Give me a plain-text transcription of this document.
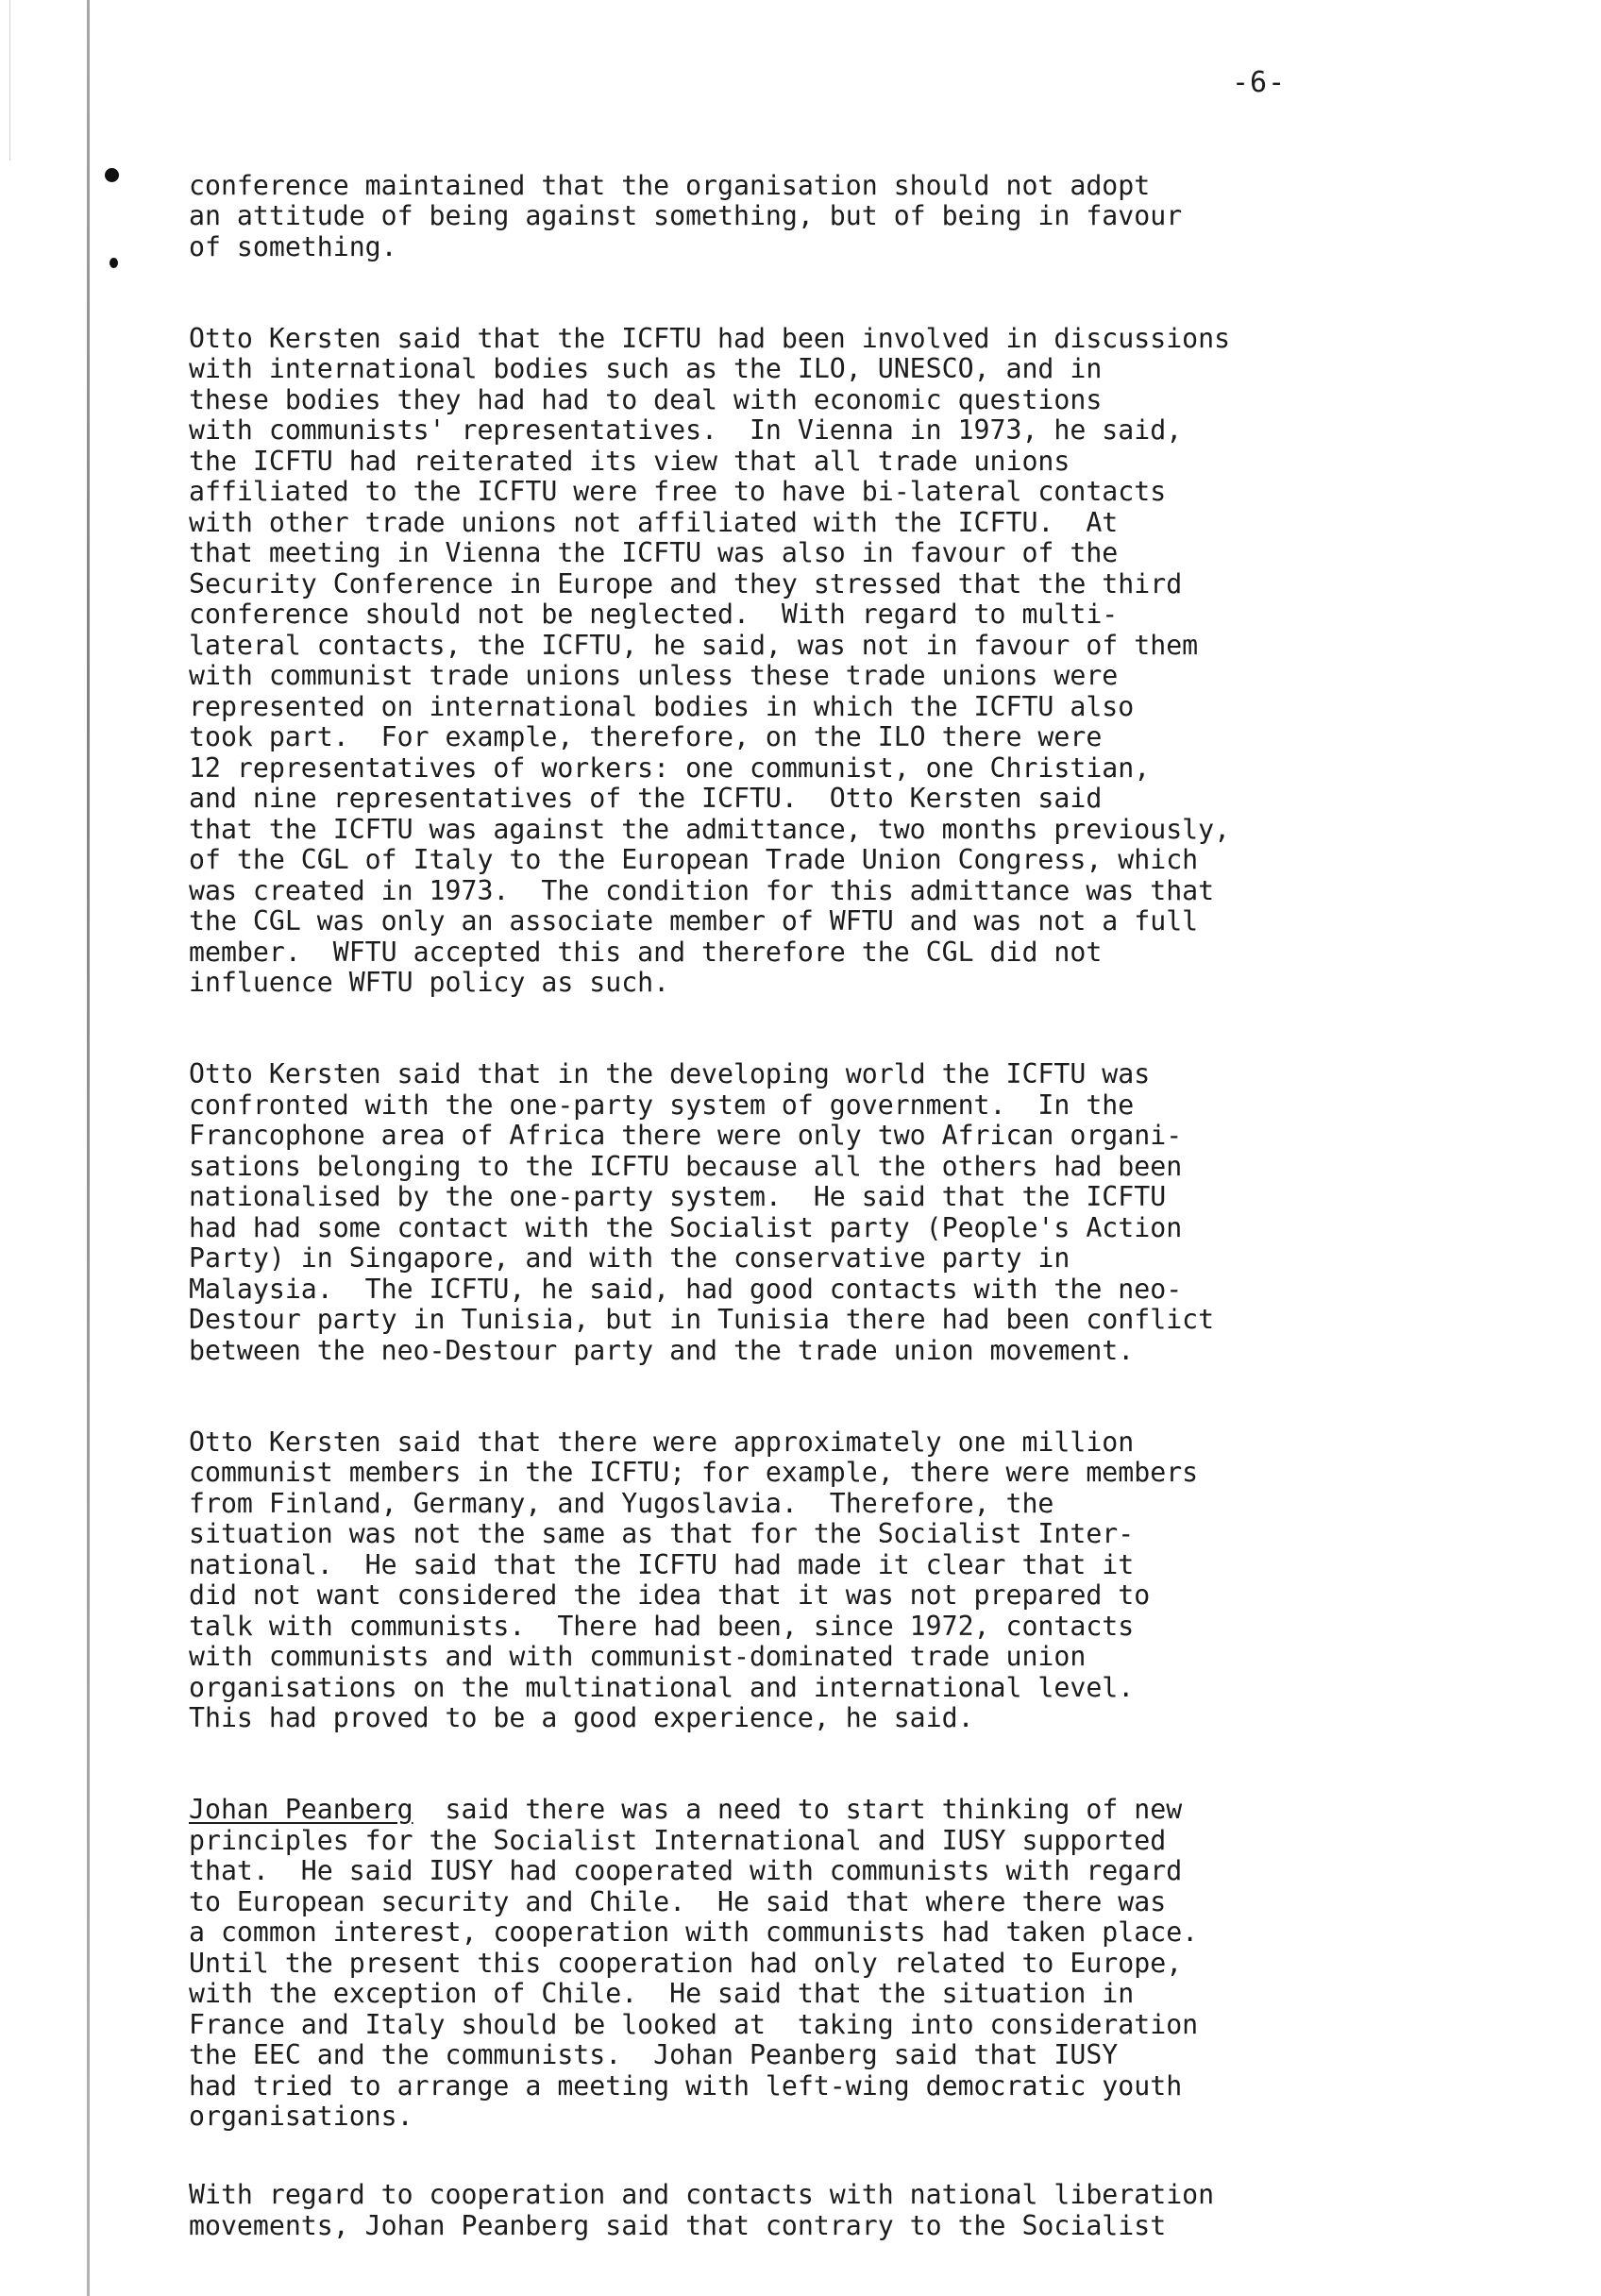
-6-

conference maintained that the organisation should not adopt
an attitude of being against something, but of being in favour
of something.

Otto Kersten said that the ICFTU had been involved in discussions
with international bodies such as the ILO, UNESCO, and in
these bodies they had had to deal with economic questions
with communists' representatives.  In Vienna in 1973, he said,
the ICFTU had reiterated its view that all trade unions
affiliated to the ICFTU were free to have bi-lateral contacts
with other trade unions not affiliated with the ICFTU.  At
that meeting in Vienna the ICFTU was also in favour of the
Security Conference in Europe and they stressed that the third
conference should not be neglected.  With regard to multi-
lateral contacts, the ICFTU, he said, was not in favour of them
with communist trade unions unless these trade unions were
represented on international bodies in which the ICFTU also
took part.  For example, therefore, on the ILO there were
12 representatives of workers: one communist, one Christian,
and nine representatives of the ICFTU.  Otto Kersten said
that the ICFTU was against the admittance, two months previously,
of the CGL of Italy to the European Trade Union Congress, which
was created in 1973.  The condition for this admittance was that
the CGL was only an associate member of WFTU and was not a full
member.  WFTU accepted this and therefore the CGL did not
influence WFTU policy as such.

Otto Kersten said that in the developing world the ICFTU was
confronted with the one-party system of government.  In the
Francophone area of Africa there were only two African organi-
sations belonging to the ICFTU because all the others had been
nationalised by the one-party system.  He said that the ICFTU
had had some contact with the Socialist party (People's Action
Party) in Singapore, and with the conservative party in
Malaysia.  The ICFTU, he said, had good contacts with the neo-
Destour party in Tunisia, but in Tunisia there had been conflict
between the neo-Destour party and the trade union movement.

Otto Kersten said that there were approximately one million
communist members in the ICFTU; for example, there were members
from Finland, Germany, and Yugoslavia.  Therefore, the
situation was not the same as that for the Socialist Inter-
national.  He said that the ICFTU had made it clear that it
did not want considered the idea that it was not prepared to
talk with communists.  There had been, since 1972, contacts
with communists and with communist-dominated trade union
organisations on the multinational and international level.
This had proved to be a good experience, he said.

Johan Peanberg  said there was a need to start thinking of new
principles for the Socialist International and IUSY supported
that.  He said IUSY had cooperated with communists with regard
to European security and Chile.  He said that where there was
a common interest, cooperation with communists had taken place.
Until the present this cooperation had only related to Europe,
with the exception of Chile.  He said that the situation in
France and Italy should be looked at  taking into consideration
the EEC and the communists.  Johan Peanberg said that IUSY
had tried to arrange a meeting with left-wing democratic youth
organisations.

With regard to cooperation and contacts with national liberation
movements, Johan Peanberg said that contrary to the Socialist
